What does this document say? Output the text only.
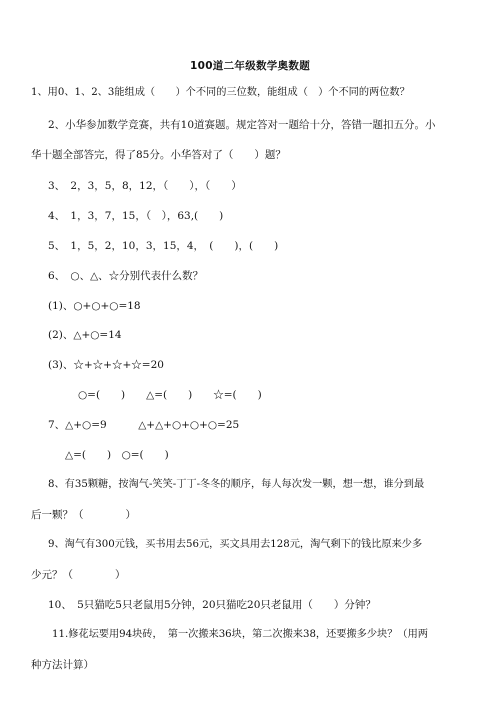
100道二年级数学奥数题
1、用0、1、2、3能组成（　　）个不同的三位数，能组成（　）个不同的两位数？
2、小华参加数学竞赛，共有10道赛题。规定答对一题给十分，答错一题扣五分。小
华十题全部答完，得了85分。小华答对了（　　）题？
3、　2，3，5，8，12，（　　），（　　）
4、　1，3，7，15，（　），63,(　　)
5、　1，5，2，10，3，15，4，　(　　)，(　　)
6、　○、△、☆分别代表什么数？
(1)、○+○+○=18
(2)、△+○=14
(3)、☆+☆+☆+☆=20
○=(　　)　　△=(　　)　　☆=(　　)
7、△+○=9　　　△+△+○+○+○=25
△=(　　)　○=(　　)
8、有35颗糖，按淘气-笑笑-丁丁-冬冬的顺序，每人每次发一颗，想一想，谁分到最
后一颗？（　　　　）
9、淘气有300元钱，买书用去56元，买文具用去128元，淘气剩下的钱比原来少多
少元？（　　　　）
10、　5只猫吃5只老鼠用5分钟，20只猫吃20只老鼠用（　　）分钟？
11.修花坛要用94块砖，　第一次搬来36块，第二次搬来38，还要搬多少块？（用两
种方法计算）
